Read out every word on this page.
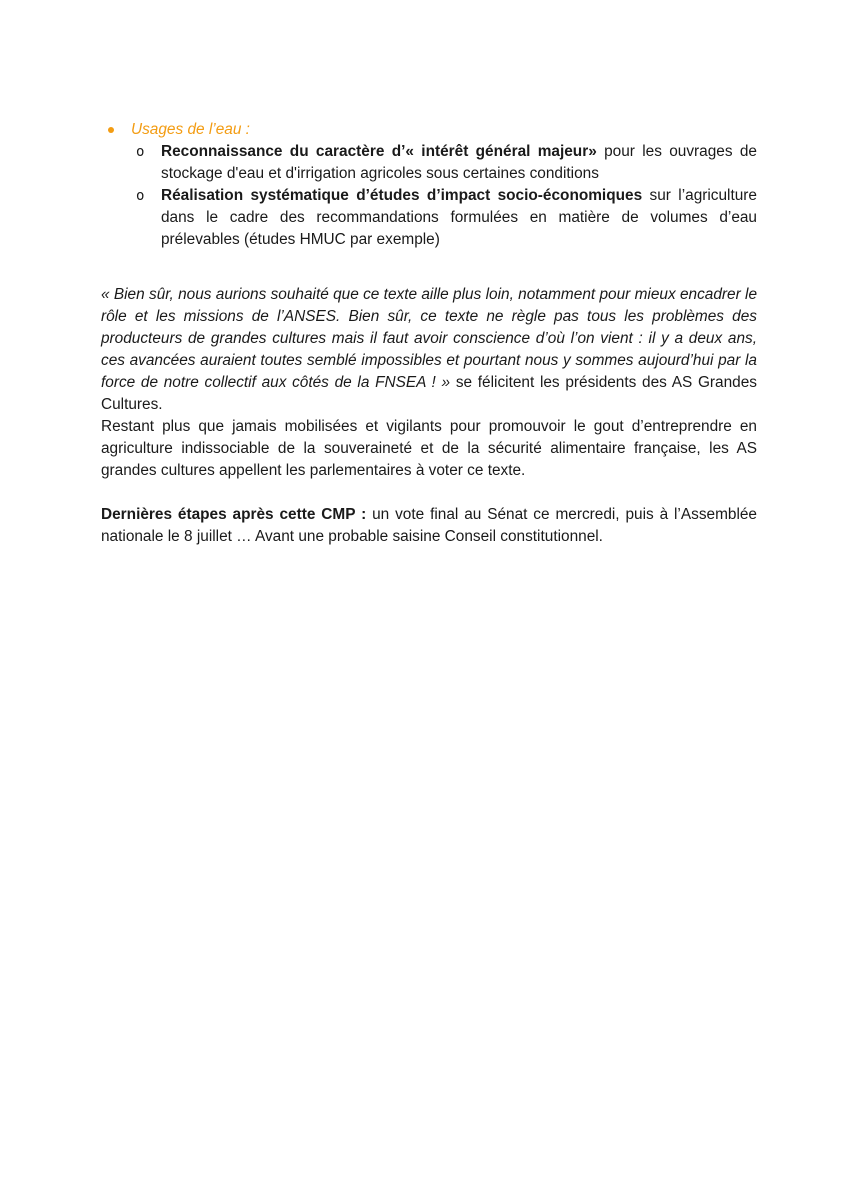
Usages de l’eau :
o Reconnaissance du caractère d’« intérêt général majeur» pour les ouvrages de stockage d'eau et d'irrigation agricoles sous certaines conditions
o Réalisation systématique d’études d’impact socio-économiques sur l’agriculture dans le cadre des recommandations formulées en matière de volumes d’eau prélevables (études HMUC par exemple)

« Bien sûr, nous aurions souhaité que ce texte aille plus loin, notamment pour mieux encadrer le rôle et les missions de l’ANSES. Bien sûr, ce texte ne règle pas tous les problèmes des producteurs de grandes cultures mais il faut avoir conscience d’où l’on vient : il y a deux ans, ces avancées auraient toutes semblé impossibles et pourtant nous y sommes aujourd’hui par la force de notre collectif aux côtés de la FNSEA ! » se félicitent les présidents des AS Grandes Cultures.

Restant plus que jamais mobilisées et vigilants pour promouvoir le gout d’entreprendre en agriculture indissociable de la souveraineté et de la sécurité alimentaire française, les AS grandes cultures appellent les parlementaires à voter ce texte.

Dernières étapes après cette CMP : un vote final au Sénat ce mercredi, puis à l’Assemblée nationale le 8 juillet … Avant une probable saisine Conseil constitutionnel.
